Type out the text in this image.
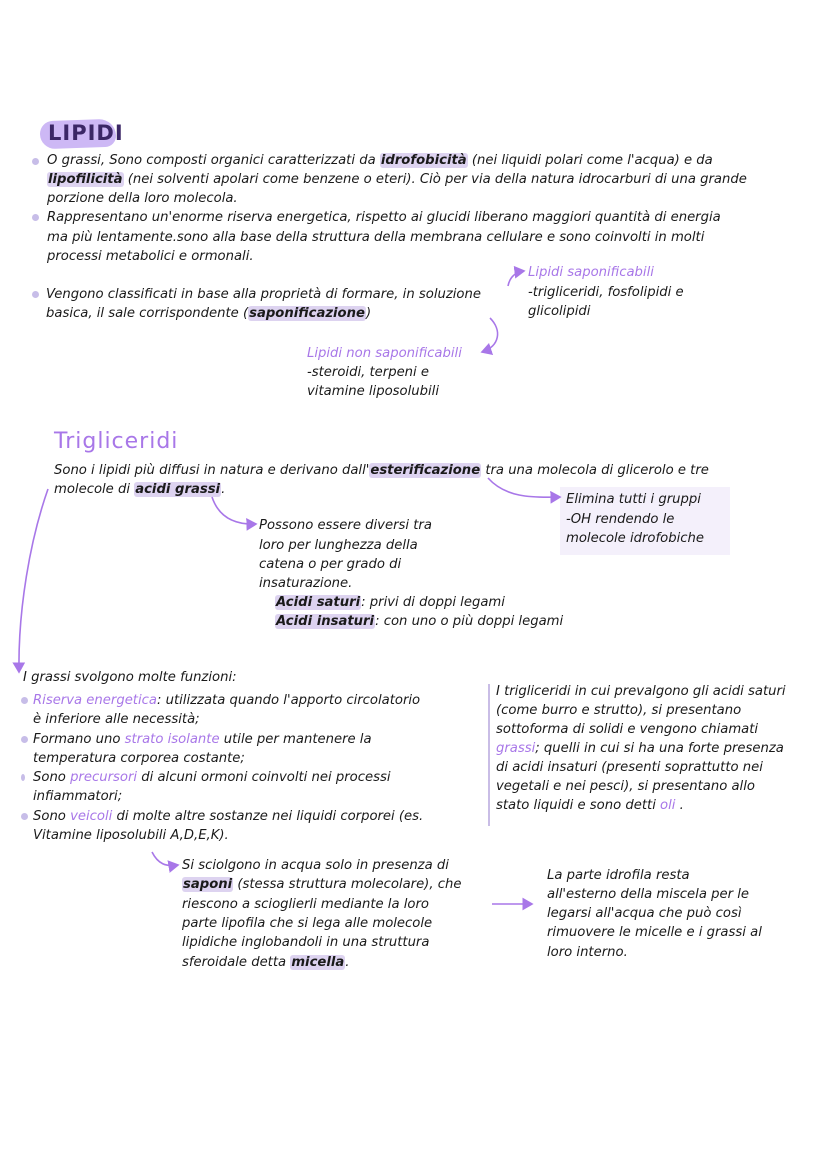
LIPIDI
O grassi, Sono composti organici caratterizzati da idrofobicità (nei liquidi polari come l'acqua) e da
lipofilicità (nei solventi apolari come benzene o eteri). Ciò per via della natura idrocarburi di una grande
porzione della loro molecola.
Rappresentano un'enorme riserva energetica, rispetto ai glucidi liberano maggiori quantità di energia
ma più lentamente.sono alla base della struttura della membrana cellulare e sono coinvolti in molti
processi metabolici e ormonali.
Vengono classificati in base alla proprietà di formare, in soluzione
basica, il sale corrispondente (saponificazione)
Lipidi saponificabili
-trigliceridi, fosfolipidi e
glicolipidi
Lipidi non saponificabili
-steroidi, terpeni e
vitamine liposolubili
Trigliceridi
Sono i lipidi più diffusi in natura e derivano dall'esterificazione tra una molecola di glicerolo e tre
molecole di acidi grassi.
Elimina tutti i gruppi
-OH rendendo le
molecole idrofobiche
Possono essere diversi tra
loro per lunghezza della
catena o per grado di
insaturazione.
Acidi saturi: privi di doppi legami
Acidi insaturi: con uno o più doppi legami
I grassi svolgono molte funzioni:
Riserva energetica: utilizzata quando l'apporto circolatorio
è inferiore alle necessità;
Formano uno strato isolante utile per mantenere la
temperatura corporea costante;
Sono precursori di alcuni ormoni coinvolti nei processi
infiammatori;
Sono veicoli di molte altre sostanze nei liquidi corporei (es.
Vitamine liposolubili A,D,E,K).
I trigliceridi in cui prevalgono gli acidi saturi
(come burro e strutto), si presentano
sottoforma di solidi e vengono chiamati
grassi; quelli in cui si ha una forte presenza
di acidi insaturi (presenti soprattutto nei
vegetali e nei pesci), si presentano allo
stato liquidi e sono detti oli .
Si sciolgono in acqua solo in presenza di
saponi (stessa struttura molecolare), che
riescono a scioglierli mediante la loro
parte lipofila che si lega alle molecole
lipidiche inglobandoli in una struttura
sferoidale detta micella.
La parte idrofila resta
all'esterno della miscela per le
legarsi all'acqua che può così
rimuovere le micelle e i grassi al
loro interno.
